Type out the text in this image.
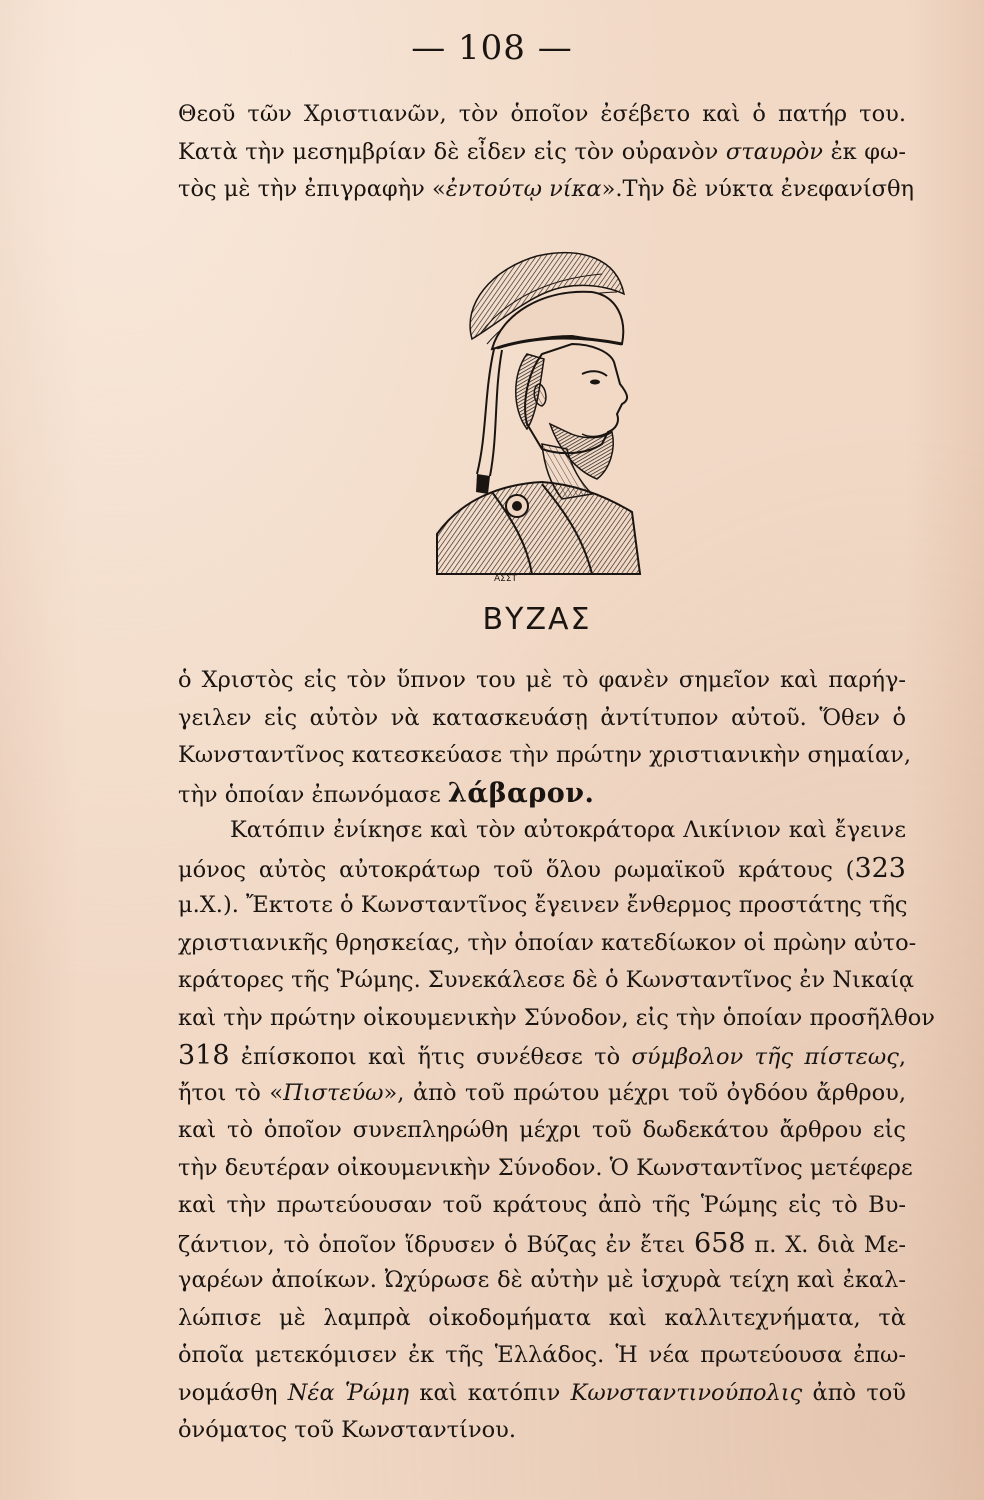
— 108 —
Θεοῦ τῶν Χριστιανῶν, τὸν ὁποῖον ἐσέβετο καὶ ὁ πατήρ του.
Κατὰ τὴν μεσημβρίαν δὲ εἶδεν εἰς τὸν οὐρανὸν σταυρὸν ἐκ φω-
τὸς μὲ τὴν ἐπιγραφὴν «ἐντούτῳ νίκα».Τὴν δὲ νύκτα ἐνεφανίσθη
ΑΣΣΤ
ΒΥΖΑΣ
ὁ Χριστὸς εἰς τὸν ὕπνον του μὲ τὸ φανὲν σημεῖον καὶ παρήγ-
γειλεν εἰς αὐτὸν νὰ κατασκευάσῃ ἀντίτυπον αὐτοῦ. Ὅθεν ὁ
Κωνσταντῖνος κατεσκεύασε τὴν πρώτην χριστιανικὴν σημαίαν,
τὴν ὁποίαν ἐπωνόμασε λάβαρον.
Κατόπιν ἐνίκησε καὶ τὸν αὐτοκράτορα Λικίνιον καὶ ἔγεινε
μόνος αὐτὸς αὐτοκράτωρ τοῦ ὅλου ρωμαϊκοῦ κράτους (323
μ.Χ.). Ἔκτοτε ὁ Κωνσταντῖνος ἔγεινεν ἔνθερμος προστάτης τῆς
χριστιανικῆς θρησκείας, τὴν ὁποίαν κατεδίωκον οἱ πρὼην αὐτο-
κράτορες τῆς Ῥώμης. Συνεκάλεσε δὲ ὁ Κωνσταντῖνος ἐν Νικαίᾳ
καὶ τὴν πρώτην οἰκουμενικὴν Σύνοδον, εἰς τὴν ὁποίαν προσῆλθον
318 ἐπίσκοποι καὶ ἥτις συνέθεσε τὸ σύμβολον τῆς πίστεως,
ἤτοι τὸ «Πιστεύω», ἀπὸ τοῦ πρώτου μέχρι τοῦ ὀγδόου ἄρθρου,
καὶ τὸ ὁποῖον συνεπληρώθη μέχρι τοῦ δωδεκάτου ἄρθρου εἰς
τὴν δευτέραν οἰκουμενικὴν Σύνοδον. Ὁ Κωνσταντῖνος μετέφερε
καὶ τὴν πρωτεύουσαν τοῦ κράτους ἀπὸ τῆς Ῥώμης εἰς τὸ Βυ-
ζάντιον, τὸ ὁποῖον ἵδρυσεν ὁ Βύζας ἐν ἔτει 658 π. Χ. διὰ Με-
γαρέων ἀποίκων. Ὠχύρωσε δὲ αὐτὴν μὲ ἰσχυρὰ τείχη καὶ ἐκαλ-
λώπισε μὲ λαμπρὰ οἰκοδομήματα καὶ καλλιτεχνήματα, τὰ
ὁποῖα μετεκόμισεν ἐκ τῆς Ἑλλάδος. Ἡ νέα πρωτεύουσα ἐπω-
νομάσθη Νέα Ῥώμη καὶ κατόπιν Κωνσταντινούπολις ἀπὸ τοῦ
ὀνόματος τοῦ Κωνσταντίνου.
